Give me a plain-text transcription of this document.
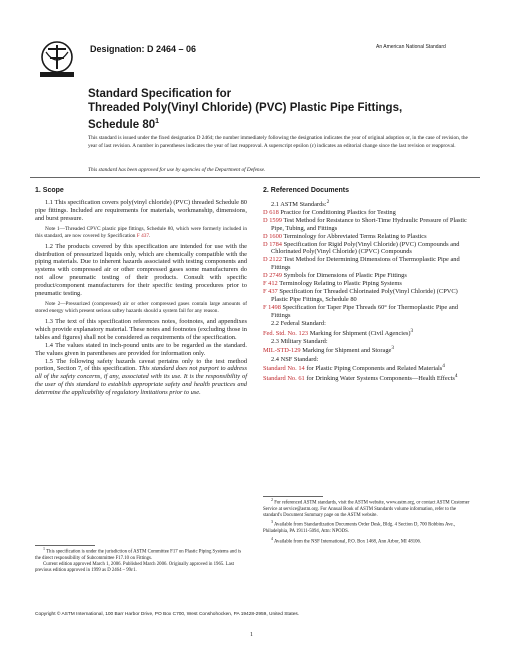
Designation: D 2464 – 06	An American National Standard
Standard Specification for
Threaded Poly(Vinyl Chloride) (PVC) Plastic Pipe Fittings,
Schedule $80^1$
This standard is issued under the fixed designation D 2464; the number immediately following the designation indicates the year of original adoption or, in the case of revision, the year of last revision. A number in parentheses indicates the year of last reapproval. A superscript epsilon (ε) indicates an editorial change since the last revision or reapproval.
This standard has been approved for use by agencies of the Department of Defense.

1. Scope

1.1 This specification covers poly(vinyl chloride) (PVC) threaded Schedule 80 pipe fittings. Included are requirements for materials, workmanship, dimensions, and burst pressure.

Note 1—Threaded CPVC plastic pipe fittings, Schedule 80, which were formerly included in this standard, are now covered by Specification F 437.

1.2 The products covered by this specification are intended for use with the distribution of pressurized liquids only, which are chemically compatible with the piping materials. Due to inherent hazards associated with testing components and systems with compressed air or other compressed gases some manufacturers do not allow pneumatic testing of their products. Consult with specific product/component manufacturers for their specific testing procedures prior to pneumatic testing.

Note 2—Pressurized (compressed) air or other compressed gases contain large amounts of stored energy which present serious saftey hazards should a system fail for any reason.

1.3 The text of this specification references notes, footnotes, and appendixes which provide explanatory material. These notes and footnotes (excluding those in tables and figures) shall not be considered as requirements of the specification.

1.4 The values stated in inch-pound units are to be regarded as the standard. The values given in parentheses are provided for information only.

1.5 The following safety hazards caveat pertains only to the test method portion, Section 7, of this specification. This standard does not purport to address all of the safety concerns, if any, associated with its use. It is the responsibility of the user of this standard to establish appropriate safety and health practices and determine the applicability of regulatory limitations prior to use.

$^1$ This specification is under the jurisdiction of ASTM Committee F17 on Plastic Piping Systems and is the direct responsibility of Subcommittee F17.10 on Fittings.

Current edition approved March 1, 2006. Published March 2006. Originally approved in 1965. Last previous edition approved in 1999 as D 2464 – 99ε1.

2. Referenced Documents

2.1 ASTM Standards:$^2$

D 618 Practice for Conditioning Plastics for Testing

D 1599 Test Method for Resistance to Short-Time Hydraulic Pressure of Plastic Pipe, Tubing, and Fittings

D 1600 Terminology for Abbreviated Terms Relating to Plastics

D 1784 Specification for Rigid Poly(Vinyl Chloride) (PVC) Compounds and Chlorinated Poly(Vinyl Chloride) (CPVC) Compounds

D 2122 Test Method for Determining Dimensions of Thermoplastic Pipe and Fittings

D 2749 Symbols for Dimensions of Plastic Pipe Fittings

F 412 Terminology Relating to Plastic Piping Systems

F 437 Specification for Threaded Chlorinated Poly(Vinyl Chloride) (CPVC) Plastic Pipe Fittings, Schedule 80

F 1498 Specification for Taper Pipe Threads 60° for Thermoplastic Pipe and Fittings

2.2 Federal Standard:

Fed. Std. No. 123 Marking for Shipment (Civil Agencies)$^3$

2.3 Military Standard:

MIL-STD-129 Marking for Shipment and Storage$^3$

2.4 NSF Standard:

Standard No. 14 for Plastic Piping Components and Related Materials$^4$

Standard No. 61 for Drinking Water Systems Components—Health Effects$^4$

$^2$ For referenced ASTM standards, visit the ASTM website, www.astm.org, or contact ASTM Customer Service at service@astm.org. For Annual Book of ASTM Standards volume information, refer to the standard's Document Summary page on the ASTM website.

$^3$ Available from Standardization Documents Order Desk, Bldg. 4 Section D, 700 Robbins Ave., Philadelphia, PA 19111-5094, Attn: NPODS.

$^4$ Available from the NSF International, P.O. Box 1468, Ann Arbor, MI 48106.

Copyright © ASTM International, 100 Barr Harbor Drive, PO Box C700, West Conshohocken, PA 19428-2959, United States.
1
